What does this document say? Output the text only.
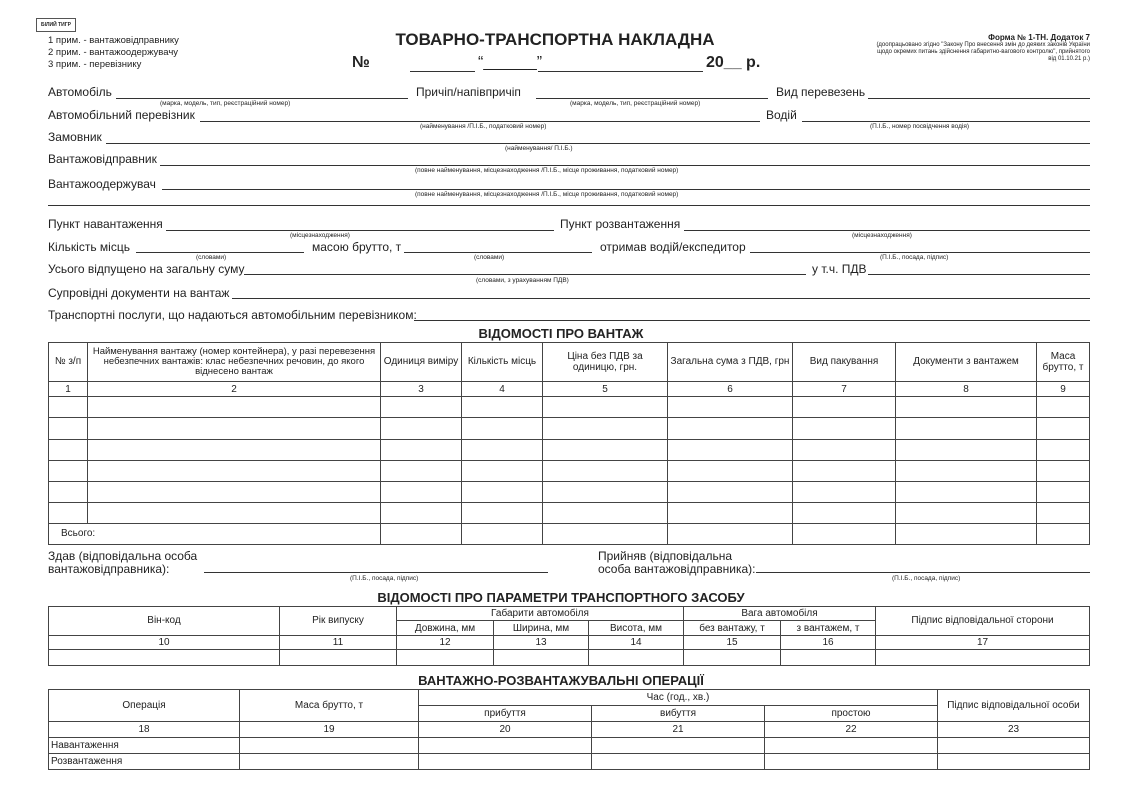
БІЛИЙ ТИГР
1 прим. - вантажовідправнику
2 прим. - вантажоодержувачу
3 прим. - перевізнику
ТОВАРНО-ТРАНСПОРТНА НАКЛАДНА
№	“______”	20__ р.
Форма № 1-ТН. Додаток 7
(доопрацьовано згідно "Закону Про внесення змін до деяких законів України щодо окремих питань здійснення габаритно-вагового контролю", прийнятого від 01.10.21 р.)
Автомобіль
(марка, модель, тип, реєстраційний номер)
Причіп/напівпричіп
(марка, модель, тип, реєстраційний номер)
Вид перевезень
Автомобільний перевізник
(найменування /П.І.Б., податковий номер)
Водій
(П.І.Б., номер посвідчення водія)
Замовник
(найменування/ П.І.Б.)
Вантажовідправник
(повне найменування, місцезнаходження /П.І.Б., місце проживання, податковий номер)
Вантажоодержувач
(повне найменування, місцезнаходження /П.І.Б., місце проживання, податковий номер)
Пункт навантаження
(місцезнаходження)
Пункт розвантаження
(місцезнаходження)
Кількість місць
(словами)
масою брутто, т
(словами)
отримав водій/експедитор
(П.І.Б., посада, підпис)
Усього відпущено на загальну суму
(словами, з урахуванням ПДВ)
у т.ч. ПДВ
Супровідні документи на вантаж
Транспортні послуги, що надаються автомобільним перевізником:
ВІДОМОСТІ ПРО ВАНТАЖ
№ з/п	Найменування вантажу (номер контейнера), у разі перевезення небезпечних вантажів: клас небезпечних речовин, до якого віднесено вантаж	Одиниця виміру	Кількість місць	Ціна без ПДВ за одиницю, грн.	Загальна сума з ПДВ, грн	Вид пакування	Документи з вантажем	Маса брутто, т
1	2	3	4	5	6	7	8	9

Всього:								
Здав (відповідальна особа вантажовідправника):
(П.І.Б., посада, підпис)
Прийняв (відповідальна особа вантажовідправника):
(П.І.Б., посада, підпис)
ВІДОМОСТІ ПРО ПАРАМЕТРИ ТРАНСПОРТНОГО ЗАСОБУ
Він-код	Рік випуску	Габарити автомобіля			Вага автомобіля		Підпис відповідальної сторони
		Довжина, мм	Ширина, мм	Висота, мм	без вантажу, т	з вантажем, т	
10	11	12	13	14	15	16	17

ВАНТАЖНО-РОЗВАНТАЖУВАЛЬНІ ОПЕРАЦІЇ
Операція	Маса брутто, т	Час (год., хв.)			Підпис відповідальної особи
		прибуття	вибуття	простою	
18	19	20	21	22	23
Навантаження					
Розвантаження					
